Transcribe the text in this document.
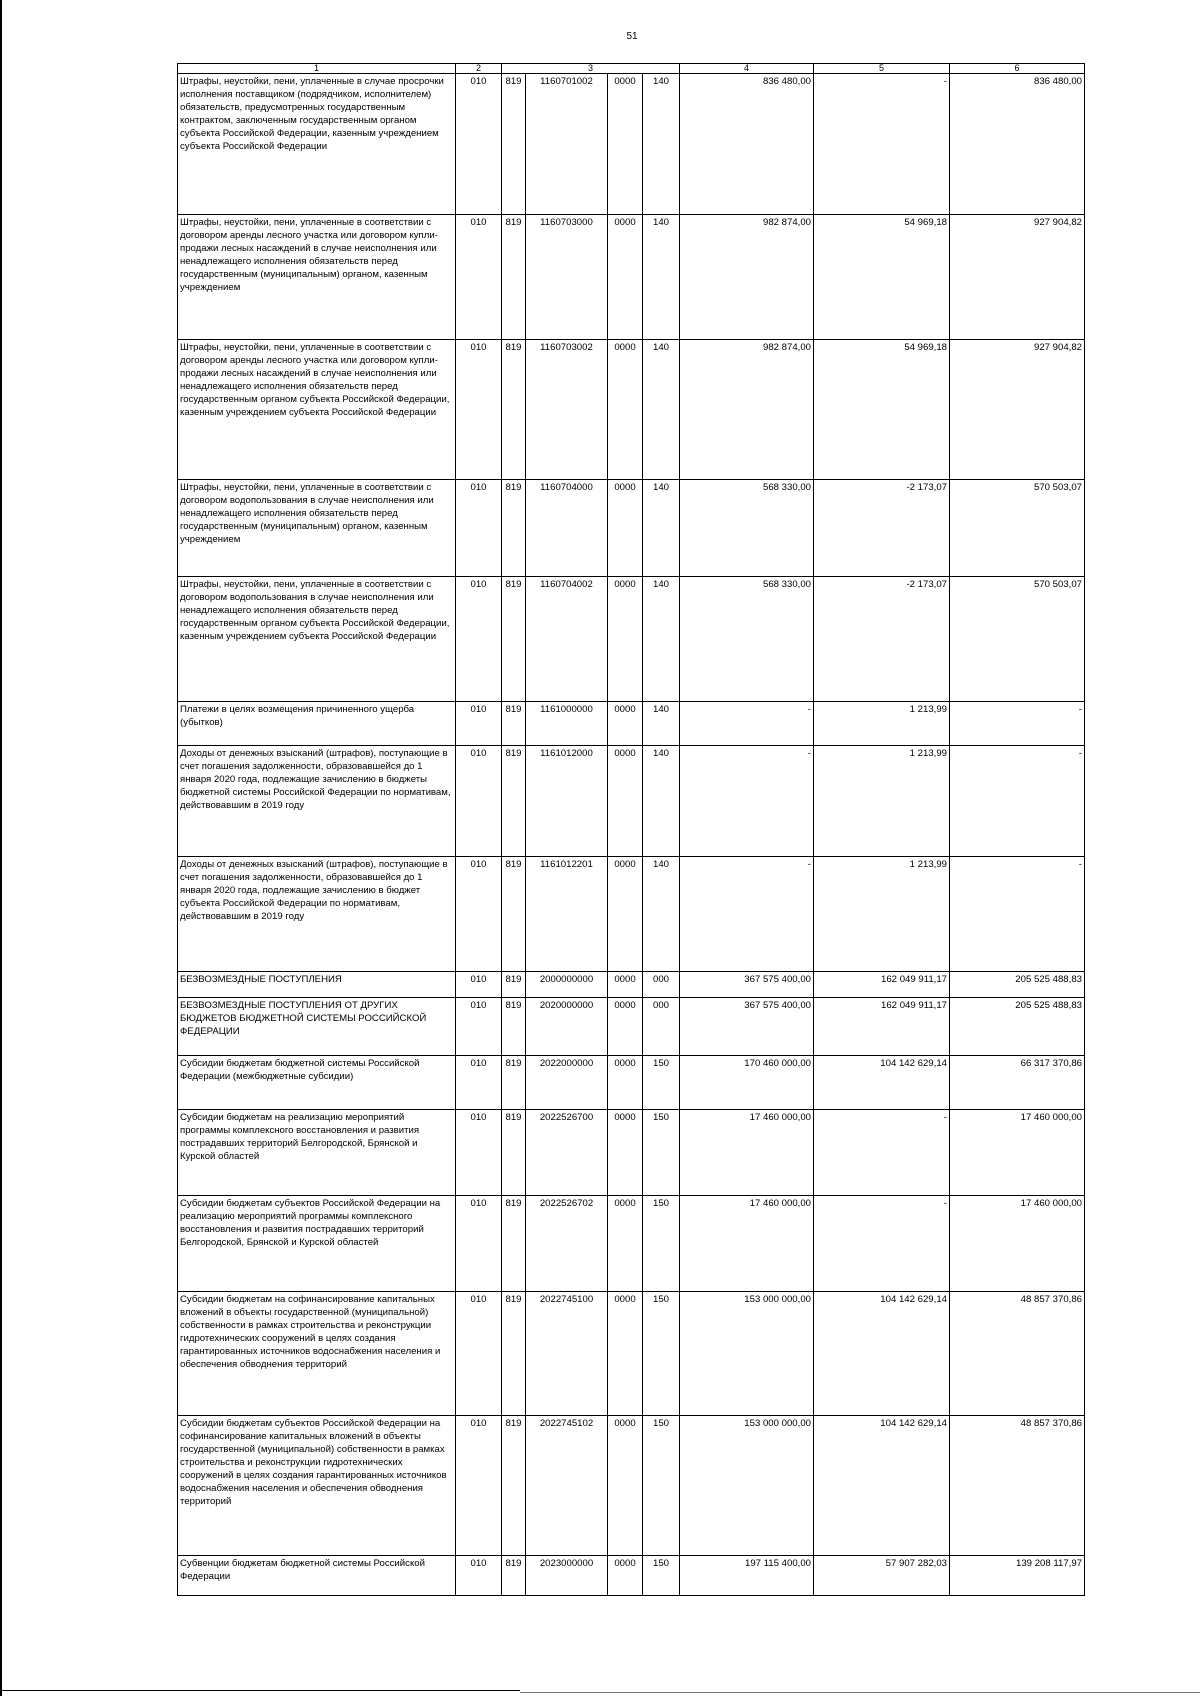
51
1	2	3				4	5	6
Штрафы, неустойки, пени, уплаченные в случае просрочки исполнения поставщиком (подрядчиком, исполнителем) обязательств, предусмотренных государственным контрактом, заключенным государственным органом субъекта Российской Федерации, казенным учреждением субъекта Российской Федерации	010	819	1160701002	0000	140	836 480,00	-	836 480,00
Штрафы, неустойки, пени, уплаченные в соответствии с договором аренды лесного участка или договором купли-продажи лесных насаждений в случае неисполнения или ненадлежащего исполнения обязательств перед государственным (муниципальным) органом, казенным учреждением	010	819	1160703000	0000	140	982 874,00	54 969,18	927 904,82
Штрафы, неустойки, пени, уплаченные в соответствии с договором аренды лесного участка или договором купли-продажи лесных насаждений в случае неисполнения или ненадлежащего исполнения обязательств перед государственным органом субъекта Российской Федерации, казенным учреждением субъекта Российской Федерации	010	819	1160703002	0000	140	982 874,00	54 969,18	927 904,82
Штрафы, неустойки, пени, уплаченные в соответствии с договором водопользования в случае неисполнения или ненадлежащего исполнения обязательств перед государственным (муниципальным) органом, казенным учреждением	010	819	1160704000	0000	140	568 330,00	-2 173,07	570 503,07
Штрафы, неустойки, пени, уплаченные в соответствии с договором водопользования в случае неисполнения или ненадлежащего исполнения обязательств перед государственным органом субъекта Российской Федерации, казенным учреждением субъекта Российской Федерации	010	819	1160704002	0000	140	568 330,00	-2 173,07	570 503,07
Платежи в целях возмещения причиненного ущерба (убытков)	010	819	1161000000	0000	140	-	1 213,99	-
Доходы от денежных взысканий (штрафов), поступающие в счет погашения задолженности, образовавшейся до 1 января 2020 года, подлежащие зачислению в бюджеты бюджетной системы Российской Федерации по нормативам, действовавшим в 2019 году	010	819	1161012000	0000	140	-	1 213,99	-
Доходы от денежных взысканий (штрафов), поступающие в счет погашения задолженности, образовавшейся до 1 января 2020 года, подлежащие зачислению в бюджет субъекта Российской Федерации по нормативам, действовавшим в 2019 году	010	819	1161012201	0000	140	-	1 213,99	-
БЕЗВОЗМЕЗДНЫЕ ПОСТУПЛЕНИЯ	010	819	2000000000	0000	000	367 575 400,00	162 049 911,17	205 525 488,83
БЕЗВОЗМЕЗДНЫЕ ПОСТУПЛЕНИЯ ОТ ДРУГИХ БЮДЖЕТОВ БЮДЖЕТНОЙ СИСТЕМЫ РОССИЙСКОЙ ФЕДЕРАЦИИ	010	819	2020000000	0000	000	367 575 400,00	162 049 911,17	205 525 488,83
Субсидии бюджетам бюджетной системы Российской Федерации (межбюджетные субсидии)	010	819	2022000000	0000	150	170 460 000,00	104 142 629,14	66 317 370,86
Субсидии бюджетам на реализацию мероприятий программы комплексного восстановления и развития пострадавших территорий Белгородской, Брянской и Курской областей	010	819	2022526700	0000	150	17 460 000,00	-	17 460 000,00
Субсидии бюджетам субъектов Российской Федерации на реализацию мероприятий программы комплексного восстановления и развития пострадавших территорий Белгородской, Брянской и Курской областей	010	819	2022526702	0000	150	17 460 000,00	-	17 460 000,00
Субсидии бюджетам на софинансирование капитальных вложений в объекты государственной (муниципальной) собственности в рамках строительства и реконструкции гидротехнических сооружений в целях создания гарантированных источников водоснабжения населения и обеспечения обводнения территорий	010	819	2022745100	0000	150	153 000 000,00	104 142 629,14	48 857 370,86
Субсидии бюджетам субъектов Российской Федерации на софинансирование капитальных вложений в объекты государственной (муниципальной) собственности в рамках строительства и реконструкции гидротехнических сооружений в целях создания гарантированных источников водоснабжения населения и обеспечения обводнения территорий	010	819	2022745102	0000	150	153 000 000,00	104 142 629,14	48 857 370,86
Субвенции бюджетам бюджетной системы Российской Федерации	010	819	2023000000	0000	150	197 115 400,00	57 907 282,03	139 208 117,97
